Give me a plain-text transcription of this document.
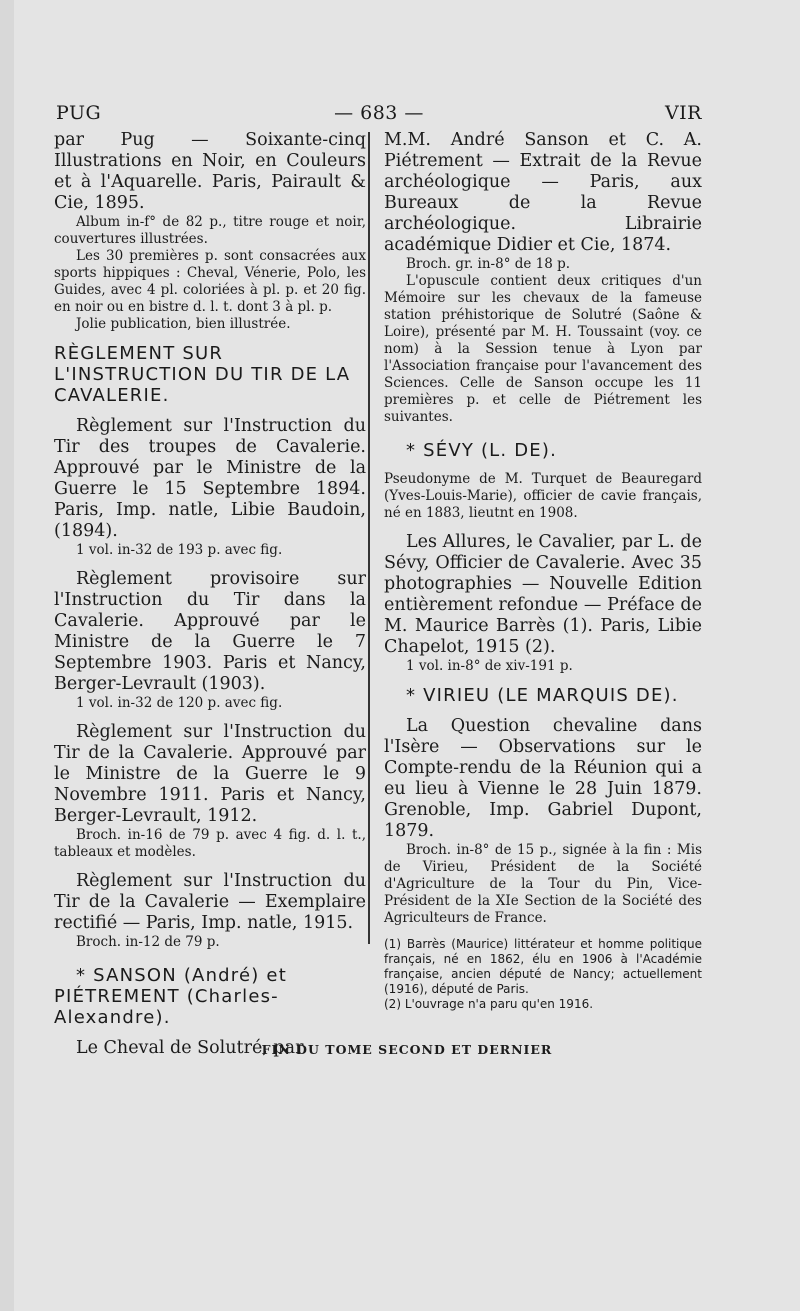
PUG	— 683 —	VIR

par Pug — Soixante-cinq Illustrations en Noir, en Couleurs et à l'Aquarelle. Paris, Pairault & Cie, 1895.

Album in-f° de 82 p., titre rouge et noir, couvertures illustrées.

Les 30 premières p. sont consacrées aux sports hippiques : Cheval, Vénerie, Polo, les Guides, avec 4 pl. coloriées à pl. p. et 20 fig. en noir ou en bistre d. l. t. dont 3 à pl. p.

Jolie publication, bien illustrée.

RÈGLEMENT SUR L'INSTRUCTION DU TIR DE LA CAVALERIE.

Règlement sur l'Instruction du Tir des troupes de Cavalerie. Approuvé par le Ministre de la Guerre le 15 Septembre 1894. Paris, Imp. natle, Libie Baudoin, (1894).

1 vol. in-32 de 193 p. avec fig.

Règlement provisoire sur l'Instruction du Tir dans la Cavalerie. Approuvé par le Ministre de la Guerre le 7 Septembre 1903. Paris et Nancy, Berger-Levrault (1903).

1 vol. in-32 de 120 p. avec fig.

Règlement sur l'Instruction du Tir de la Cavalerie. Approuvé par le Ministre de la Guerre le 9 Novembre 1911. Paris et Nancy, Berger-Levrault, 1912.

Broch. in-16 de 79 p. avec 4 fig. d. l. t., tableaux et modèles.

Règlement sur l'Instruction du Tir de la Cavalerie — Exemplaire rectifié — Paris, Imp. natle, 1915.

Broch. in-12 de 79 p.

* SANSON (André) et PIÉTREMENT (Charles-Alexandre).

Le Cheval de Solutré, par

M.M. André Sanson et C. A. Piétrement — Extrait de la Revue archéologique — Paris, aux Bureaux de la Revue archéologique. Librairie académique Didier et Cie, 1874.

Broch. gr. in-8° de 18 p.

L'opuscule contient deux critiques d'un Mémoire sur les chevaux de la fameuse station préhistorique de Solutré (Saône & Loire), présenté par M. H. Toussaint (voy. ce nom) à la Session tenue à Lyon par l'Association française pour l'avancement des Sciences. Celle de Sanson occupe les 11 premières p. et celle de Piétrement les suivantes.

* SÉVY (L. DE).

Pseudonyme de M. Turquet de Beauregard (Yves-Louis-Marie), officier de cavie français, né en 1883, lieutnt en 1908.

Les Allures, le Cavalier, par L. de Sévy, Officier de Cavalerie. Avec 35 photographies — Nouvelle Edition entièrement refondue — Préface de M. Maurice Barrès (1). Paris, Libie Chapelot, 1915 (2).

1 vol. in-8° de xiv-191 p.

* VIRIEU (LE MARQUIS DE).

La Question chevaline dans l'Isère — Observations sur le Compte-rendu de la Réunion qui a eu lieu à Vienne le 28 Juin 1879. Grenoble, Imp. Gabriel Dupont, 1879.

Broch. in-8° de 15 p., signée à la fin : Mis de Virieu, Président de la Société d'Agriculture de la Tour du Pin, Vice-Président de la XIe Section de la Société des Agriculteurs de France.

(1) Barrès (Maurice) littérateur et homme politique français, né en 1862, élu en 1906 à l'Académie française, ancien député de Nancy; actuellement (1916), député de Paris.

(2) L'ouvrage n'a paru qu'en 1916.

FIN DU TOME SECOND ET DERNIER
